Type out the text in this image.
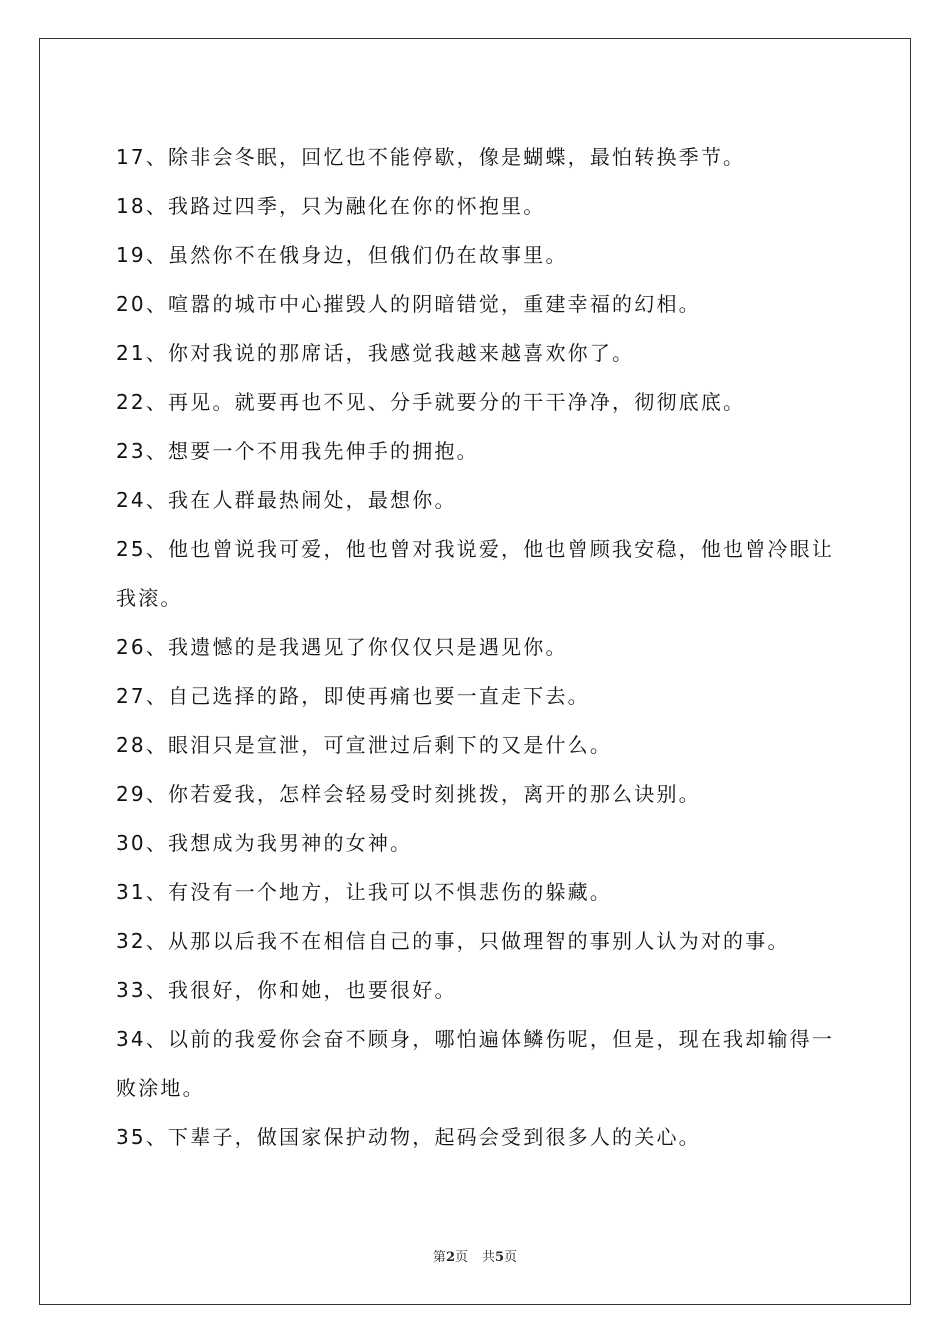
17、除非会冬眠，回忆也不能停歇，像是蝴蝶，最怕转换季节。
18、我路过四季，只为融化在你的怀抱里。
19、虽然你不在俄身边，但俄们仍在故事里。
20、喧嚣的城市中心摧毁人的阴暗错觉，重建幸福的幻相。
21、你对我说的那席话，我感觉我越来越喜欢你了。
22、再见。就要再也不见、分手就要分的干干净净，彻彻底底。
23、想要一个不用我先伸手的拥抱。
24、我在人群最热闹处，最想你。
25、他也曾说我可爱，他也曾对我说爱，他也曾顾我安稳，他也曾冷眼让我滚。
26、我遗憾的是我遇见了你仅仅只是遇见你。
27、自己选择的路，即使再痛也要一直走下去。
28、眼泪只是宣泄，可宣泄过后剩下的又是什么。
29、你若爱我，怎样会轻易受时刻挑拨，离开的那么诀别。
30、我想成为我男神的女神。
31、有没有一个地方，让我可以不惧悲伤的躲藏。
32、从那以后我不在相信自己的事，只做理智的事别人认为对的事。
33、我很好，你和她，也要很好。
34、以前的我爱你会奋不顾身，哪怕遍体鳞伤呢，但是，现在我却输得一败涂地。
35、下辈子，做国家保护动物，起码会受到很多人的关心。
第2页 共5页
